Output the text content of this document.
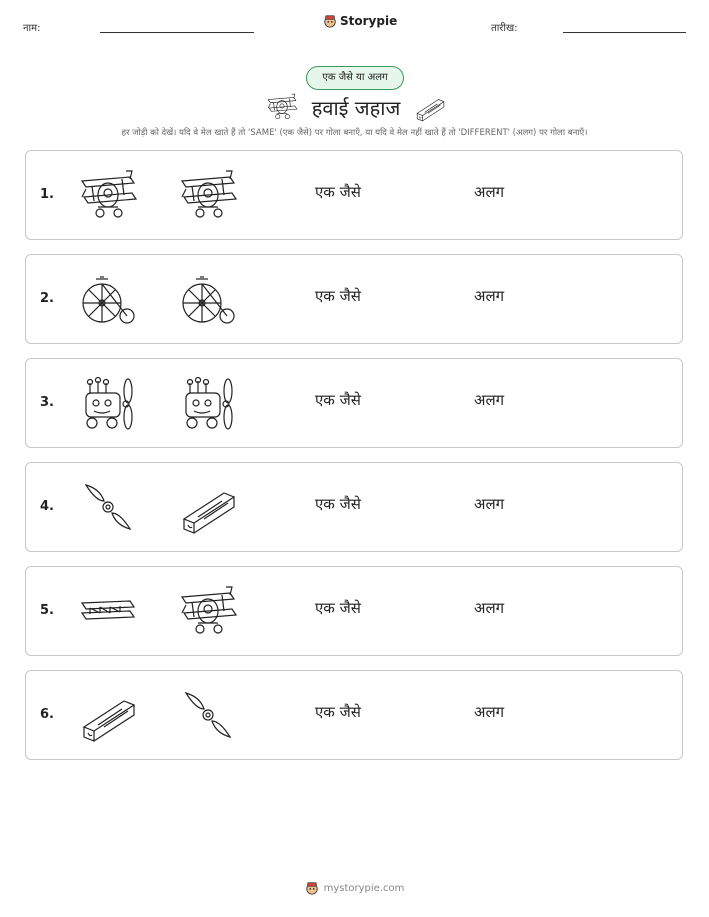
नाम:
Storypie
तारीख:
एक जैसे या अलग
हवाई जहाज
हर जोड़ी को देखें। यदि वे मेल खाते हैं तो 'SAME' (एक जैसे) पर गोला बनाएँ, या यदि वे मेल नहीं खाते हैं तो 'DIFFERENT' (अलग) पर गोला बनाएँ।
1.	एक जैसे	अलग
2.	एक जैसे	अलग
3.	एक जैसे	अलग
4.	एक जैसे	अलग
5.	एक जैसे	अलग
6.	एक जैसे	अलग
mystorypie.com
